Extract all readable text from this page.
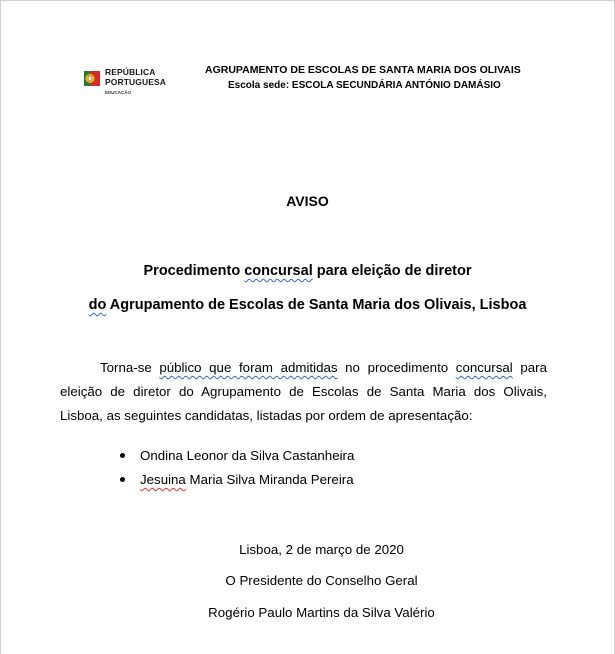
REPÚBLICA
PORTUGUESA
EDUCAÇÃO
AGRUPAMENTO DE ESCOLAS DE SANTA MARIA DOS OLIVAIS
Escola sede: ESCOLA SECUNDÁRIA ANTÓNIO DAMÁSIO
AVISO
Procedimento concursal para eleição de diretor
do Agrupamento de Escolas de Santa Maria dos Olivais, Lisboa
Torna-se público que foram admitidas no procedimento concursal para
eleição de diretor do Agrupamento de Escolas de Santa Maria dos Olivais,
Lisboa, as seguintes candidatas, listadas por ordem de apresentação:
Ondina Leonor da Silva Castanheira
Jesuina Maria Silva Miranda Pereira
Lisboa, 2 de março de 2020
O Presidente do Conselho Geral
Rogério Paulo Martins da Silva Valério
